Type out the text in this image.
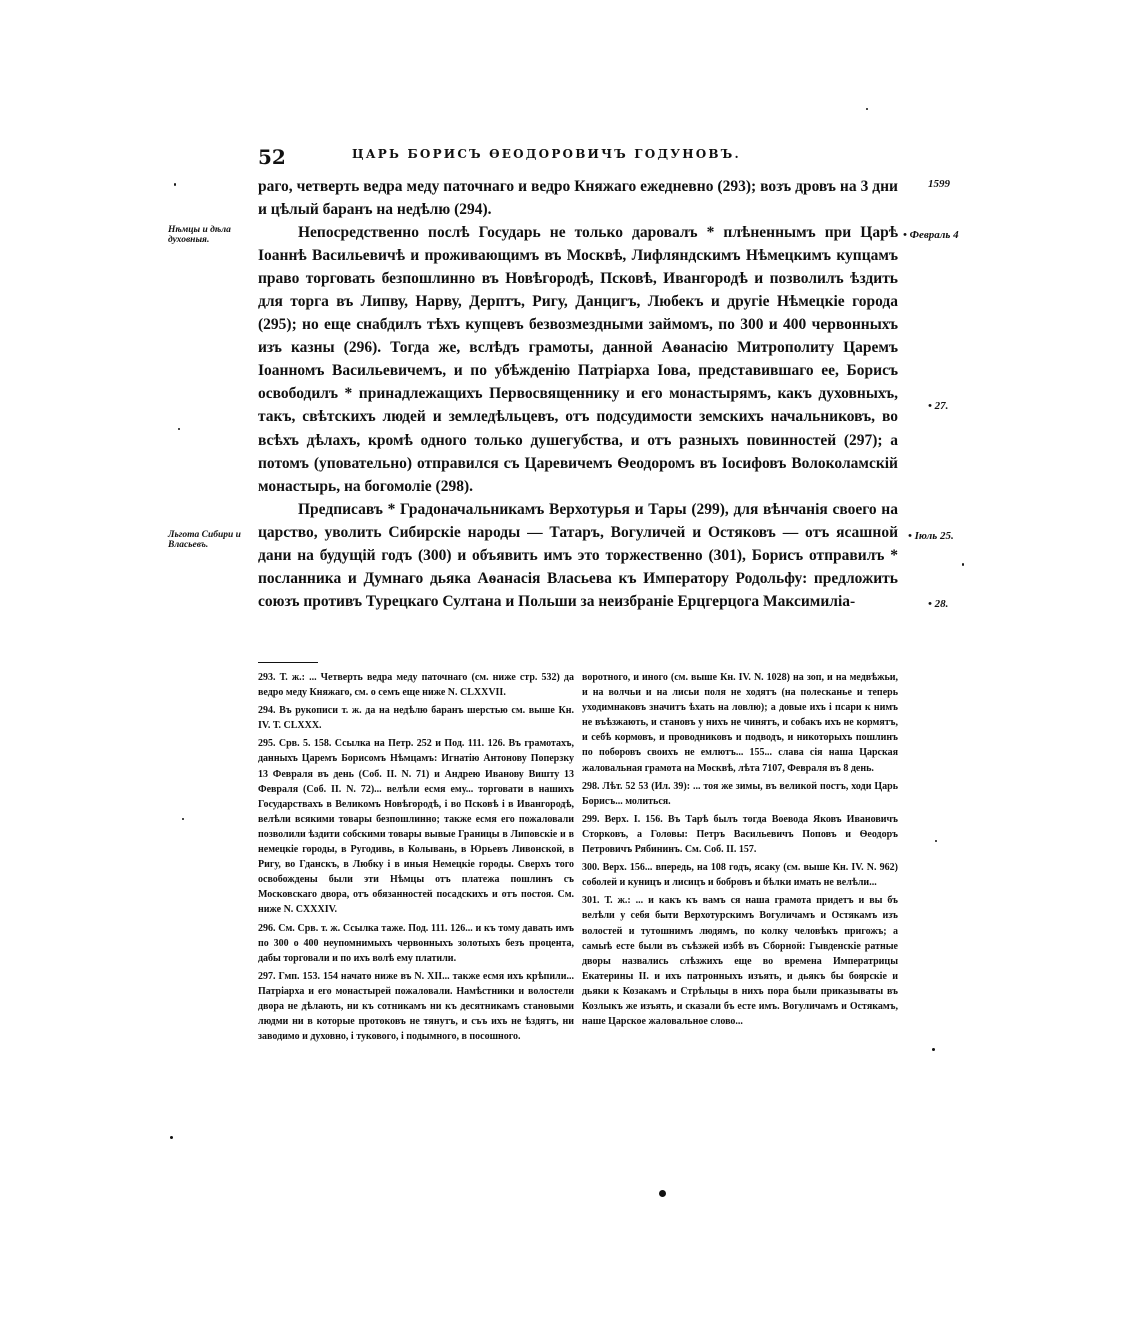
52	ЦАРЬ БОРИСЪ ѲЕОДОРОВИЧЪ ГОДУНОВЪ.
1599
Нѣмцы и дѣла духовныя.	• Февраль 4
• 27.
Льгота Сибири и Власьевъ.
• Іюль 25.
• 28.

раго, четверть ведра меду паточнаго и ведро Княжаго ежедневно (293); возъ дровъ на 3 дни и цѣлый баранъ на недѣлю (294).

Непосредственно послѣ Государь не только даровалъ * плѣненнымъ при Царѣ Іоаннѣ Васильевичѣ и проживающимъ въ Москвѣ, Лифляндскимъ Нѣмецкимъ купцамъ право торговать безпошлинно въ Новѣгородѣ, Псковѣ, Ивангородѣ и позволилъ ѣздить для торга въ Липву, Нарву, Дерптъ, Ригу, Данцигъ, Любекъ и другіе Нѣмецкіе города (295); но еще снабдилъ тѣхъ купцевъ безвозмездными займомъ, по 300 и 400 червонныхъ изъ казны (296). Тогда же, вслѣдъ грамоты, данной Аѳанасію Митрополиту Царемъ Іоанномъ Васильевичемъ, и по убѣжденію Патріарха Іова, представившаго ее, Борисъ освободилъ * принадлежащихъ Первосвященнику и его монастырямъ, какъ духовныхъ, такъ, свѣтскихъ людей и земледѣльцевъ, отъ подсудимости земскихъ начальниковъ, во всѣхъ дѣлахъ, кромѣ одного только душегубства, и отъ разныхъ повинностей (297); а потомъ (уповательно) отправился съ Царевичемъ Ѳеодоромъ въ Іосифовъ Волоколамскій монастырь, на богомоліе (298).

Предписавъ * Градоначальникамъ Верхотурья и Тары (299), для вѣнчанія своего на царство, уволить Сибирскіе народы — Татаръ, Вогуличей и Остяковъ — отъ ясашной дани на будущій годъ (300) и объявить имъ это торжественно (301), Борисъ отправилъ * посланника и Думнаго дьяка Аѳанасія Власьева къ Императору Родольфу: предложить союзъ противъ Турецкаго Султана и Польши за неизбраніе Ерцгерцога Максимиліа-

293. Т. ж.: ... Четверть ведра меду паточнаго (см. ниже стр. 532) да ведро меду Княжаго, см. о семъ еще ниже N. CLXXVII.

294. Въ рукописи т. ж. да на недѣлю баранъ шерстью см. выше Кн. IV. Т. CLXXX.

295. Срв. 5. 158. Ссылка на Петр. 252 и Под. 111. 126. Въ грамотахъ, данныхъ Царемъ Борисомъ Нѣмцамъ: Игнатію Антонову Поперзку 13 Февраля въ день (Соб. II. N. 71) и Андрею Иванову Вишту 13 Февраля (Соб. II. N. 72)... велѣли есмя ему... торговати в нашихъ Государствахъ в Великомъ Новѣгородѣ, і во Псковѣ і в Ивангородѣ, велѣли всякими товары безпошлинно; также есмя его пожаловали позволили ѣздити собскими товары вывые Границы в Липовскіе и в немецкіе городы, в Ругодивь, в Колывань, в Юрьевъ Ливонской, в Ригу, во Гданскъ, в Любку і в иныя Немецкіе городы. Сверхъ того освобождены были эти Нѣмцы отъ платежа пошлинъ съ Московскаго двора, отъ обязанностей посадскихъ и отъ постоя. См. ниже N. CXXXIV.

296. См. Срв. т. ж. Ссылка таже. Под. 111. 126... и къ тому давать имъ по 300 о 400 неупомнимыхъ червонныхъ золотыхъ безъ процента, дабы торговали и по ихъ волѣ ему платили.

297. Гмп. 153. 154 начато ниже въ N. XII... также есмя ихъ крѣпили... Патріарха и его монастырей пожаловали. Намѣстники и волостели двора не дѣлають, ни къ сотникамъ ни къ десятникамъ становыми людми ни в которые протоковъ не тянутъ, и съъ ихъ не ѣздятъ, ни заводимо и духовно, і тукового, і подымного, в посошного.

воротного, и иного (см. выше Кн. IV. N. 1028) на зоп, и на медвѣжьи, и на волчьи и на лисьи поля не ходятъ (на полесканье и теперь уходимнаковъ значитъ ѣхать на ловлю); а довые ихъ і псари к нимъ не въѣзжають, и становъ у нихъ не чинятъ, и собакъ ихъ не кормятъ, и себѣ кормовъ, и проводниковъ и подводъ, и никоторыхъ пошлинъ по поборовъ своихъ не емлютъ... 155... слава сія наша Царская жаловальная грамота на Москвѣ, лѣта 7107, Февраля въ 8 день.

298. Лѣт. 52 53 (Ил. 39): ... тоя же зимы, въ великой постъ, ходи Царь Борисъ... молиться.

299. Верх. I. 156. Въ Тарѣ былъ тогда Воевода Яковъ Ивановичъ Сторковъ, а Головы: Петръ Васильевичъ Поповъ и Ѳеодоръ Петровичъ Рябининъ. См. Соб. II. 157.

300. Верх. 156... впередь, на 108 годъ, ясаку (см. выше Кн. IV. N. 962) соболей и куницъ и лисицъ и бобровъ и бѣлки имать не велѣли...

301. Т. ж.: ... и какъ къ вамъ ся наша грамота придетъ и вы бъ велѣли у себя быти Верхотурскимъ Вогуличамъ и Остякамъ изъ волостей и тутошнимъ людямъ, по колку человѣкъ пригожъ; а самыѣ есте были въ съѣзжей избѣ въ Сборной: Гывденскіе ратные дворы назвались слѣзжихъ еще во времена Императрицы Екатерины II. и ихъ патронныхъ изъять, и дьякъ бы боярскіе и дьяки к Козакамъ и Стрѣльцы в нихъ пора были приказываты въ Козлыкъ же изъять, и сказали бъ есте имъ. Вогуличамъ и Остякамъ, наше Царское жаловальное слово...
